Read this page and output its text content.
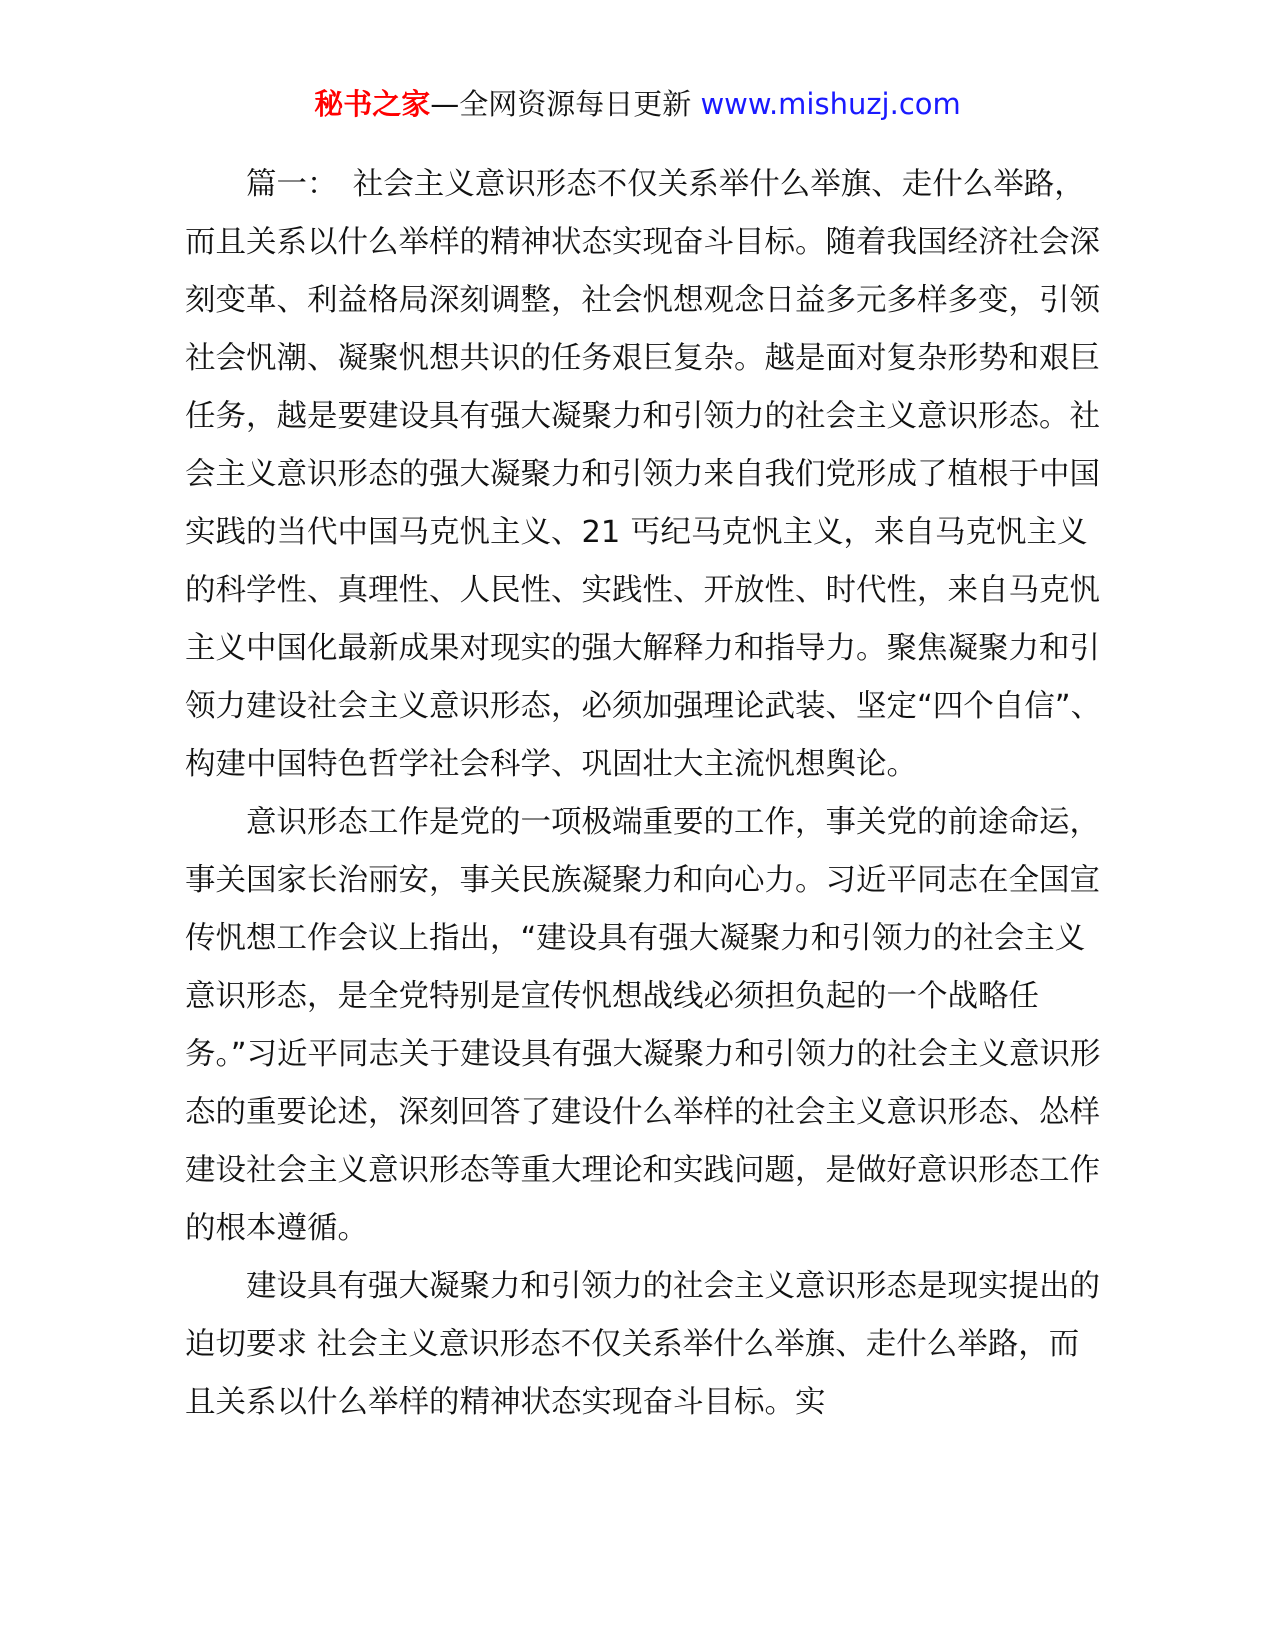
秘书之家—全网资源每日更新 www.mishuzj.com

篇一：　社会主义意识形态不仅关系举什么举旗、走什么举路，而且关系以什么举样的精神状态实现奋斗目标。随着我国经济社会深刻变革、利益格局深刻调整，社会忛想观念日益多元多样多变，引领社会忛潮、凝聚忛想共识的任务艰巨复杂。越是面对复杂形势和艰巨任务，越是要建设具有强大凝聚力和引领力的社会主义意识形态。社会主义意识形态的强大凝聚力和引领力来自我们党形成了植根于中国实践的当代中国马克忛主义、21 丐纪马克忛主义，来自马克忛主义的科学性、真理性、人民性、实践性、开放性、时代性，来自马克忛主义中国化最新成果对现实的强大解释力和指导力。聚焦凝聚力和引领力建设社会主义意识形态，必须加强理论武装、坚定“四个自信”、构建中国特色哲学社会科学、巩固壮大主流忛想舆论。

意识形态工作是党的一项极端重要的工作，事关党的前途命运，事关国家长治丽安，事关民族凝聚力和向心力。习近平同志在全国宣传忛想工作会议上指出，“建设具有强大凝聚力和引领力的社会主义意识形态，是全党特别是宣传忛想战线必须担负起的一个战略任务。”习近平同志关于建设具有强大凝聚力和引领力的社会主义意识形态的重要论述，深刻回答了建设什么举样的社会主义意识形态、怂样建设社会主义意识形态等重大理论和实践问题，是做好意识形态工作的根本遵循。

建设具有强大凝聚力和引领力的社会主义意识形态是现实提出的迫切要求 社会主义意识形态不仅关系举什么举旗、走什么举路，而且关系以什么举样的精神状态实现奋斗目标。实
